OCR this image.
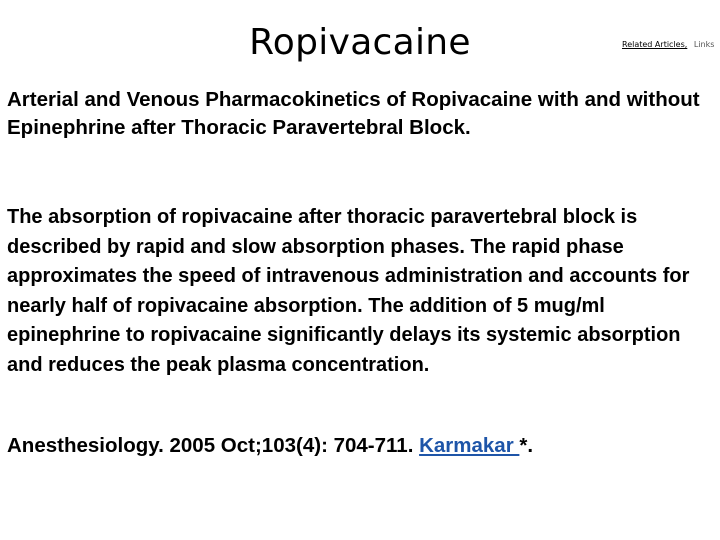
Ropivacaine	Related Articles, Links

Arterial and Venous Pharmacokinetics of Ropivacaine with and without Epinephrine after Thoracic Paravertebral Block.

The absorption of ropivacaine after thoracic paravertebral block is described by rapid and slow absorption phases. The rapid phase approximates the speed of intravenous administration and accounts for nearly half of ropivacaine absorption. The addition of 5 mug/ml epinephrine to ropivacaine significantly delays its systemic absorption and reduces the peak plasma concentration.

Anesthesiology. 2005 Oct;103(4): 704-711. Karmakar *.
